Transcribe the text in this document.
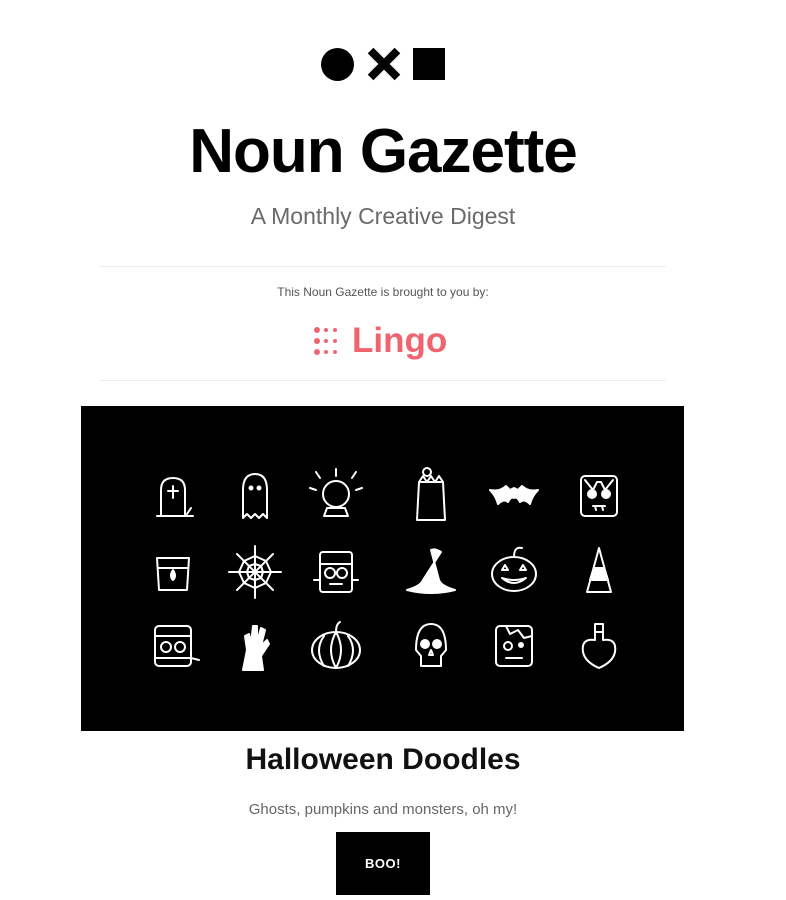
Noun Gazette
A Monthly Creative Digest
This Noun Gazette is brought to you by:
Lingo
Halloween Doodles
Ghosts, pumpkins and monsters, oh my!
BOO!
